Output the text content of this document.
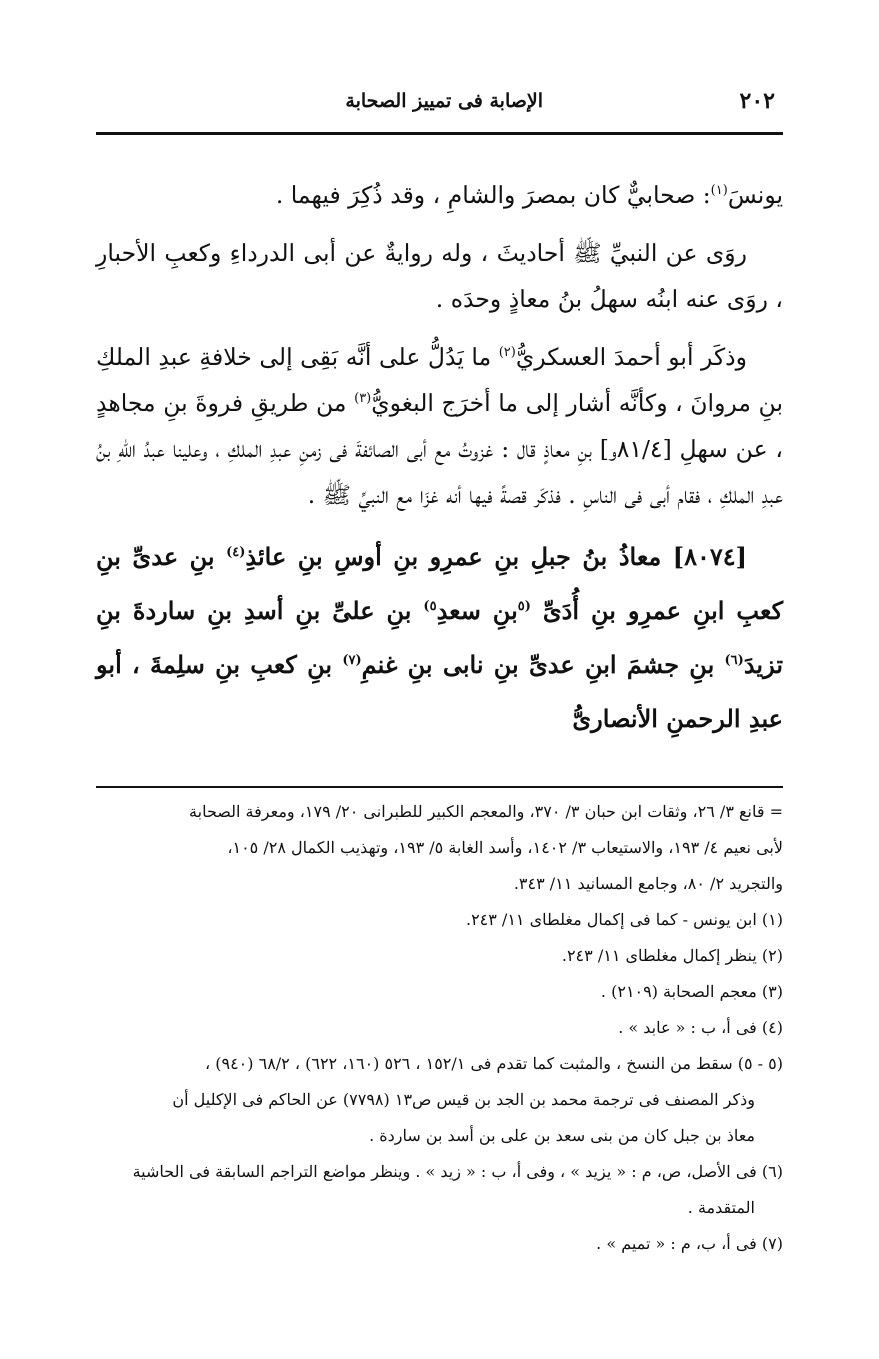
٢٠٢
الإصابة فى تمييز الصحابة

يونسَ$^{(١)}$: صحابيٌّ كان بمصرَ والشامِ ، وقد ذُكِرَ فيهما .

روَى عن النبيِّ ﷺ أحاديثَ ، وله روايةٌ عن أبى الدرداءِ وكعبِ الأحبارِ ، روَى عنه ابنُه سهلُ بنُ معاذٍ وحدَه .

وذكَر أبو أحمدَ العسكريُّ$^{(٢)}$ ما يَدُلُّ على أنَّه بَقِى إلى خلافةِ عبدِ الملكِ بنِ مروانَ ، وكأنَّه أشار إلى ما أخرَج البغويُّ$^{(٣)}$ من طريقِ فروةَ بنِ مجاهدٍ ، عن سهلِ [٨١/٤و] بنِ معاذٍ قال : غزوتُ مع أبى الصائفةَ فى زمنِ عبدِ الملكِ ، وعلينا عبدُ اللهِ بنُ عبدِ الملكِ ، فقام أبى فى الناسِ . فذكَر قصةً فيها أنه غزَا مع النبيِّ ﷺ .

[٨٠٧٤] معاذُ بنُ جبلِ بنِ عمرِو بنِ أوسِ بنِ عائذِ$^{(٤)}$ بنِ عدىِّ بنِ كعبِ ابنِ عمرِو بنِ أُدَىِّ $^{(٥}$بنِ سعدِ$^{٥)}$ بنِ علىِّ بنِ أسدِ بنِ ساردةَ بنِ تزيدَ$^{(٦)}$ بنِ جشمَ ابنِ عدىِّ بنِ نابى بنِ غنمِ$^{(٧)}$ بنِ كعبِ بنِ سلِمةَ ، أبو عبدِ الرحمنِ الأنصارىُّ

= قانع ٣/ ٢٦، وثقات ابن حبان ٣/ ٣٧٠، والمعجم الكبير للطبرانى ٢٠/ ١٧٩، ومعرفة الصحابة

لأبى نعيم ٤/ ١٩٣، والاستيعاب ٣/ ١٤٠٢، وأسد الغابة ٥/ ١٩٣، وتهذيب الكمال ٢٨/ ١٠٥،

والتجريد ٢/ ٨٠، وجامع المسانيد ١١/ ٣٤٣.

(١) ابن يونس - كما فى إكمال مغلطاى ١١/ ٢٤٣.

(٢) ينظر إكمال مغلطاى ١١/ ٢٤٣.

(٣) معجم الصحابة (٢١٠٩) .

(٤) فى أ، ب : « عابد » .

(٥ - ٥) سقط من النسخ ، والمثبت كما تقدم فى ١٥٢/١ ، ٥٢٦ (١٦٠، ٦٢٢) ، ٦٨/٢ (٩٤٠) ،

وذكر المصنف فى ترجمة محمد بن الجد بن قيس ص١٣ (٧٧٩٨) عن الحاكم فى الإكليل أن

معاذ بن جبل كان من بنى سعد بن على بن أسد بن ساردة .

(٦) فى الأصل، ص، م : « يزيد » ، وفى أ، ب : « زيد » . وينظر مواضع التراجم السابقة فى الحاشية

المتقدمة .

(٧) فى أ، ب، م : « تميم » .
